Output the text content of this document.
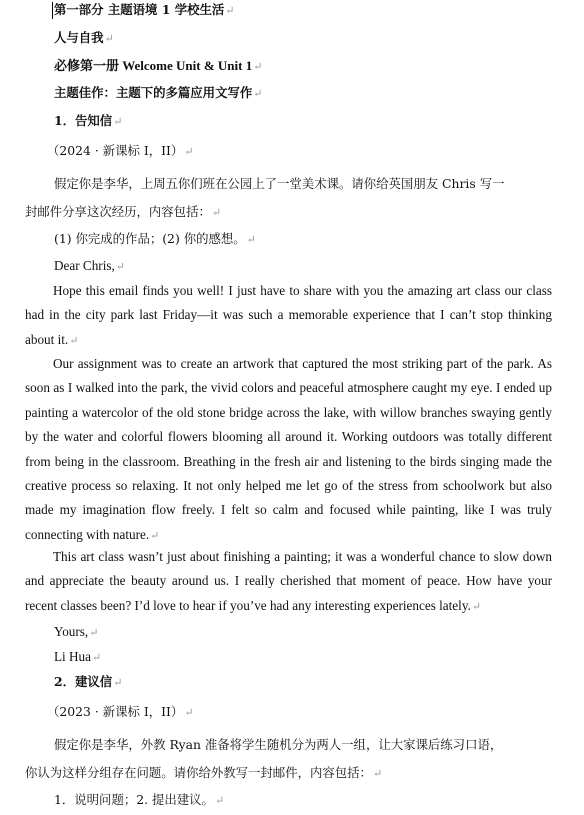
第一部分 主题语境 1 学校生活↵
人与自我↵
必修第一册 Welcome Unit & Unit 1↵
主题佳作：主题下的多篇应用文写作↵
1．告知信↵
（2024 · 新课标 I，II）↵
假定你是李华，上周五你们班在公园上了一堂美术课。请你给英国朋友 Chris 写一
封邮件分享这次经历，内容包括：↵
(1) 你完成的作品；(2) 你的感想。↵
Dear Chris,↵
Hope this email finds you well! I just have to share with you the amazing art class our class had in the city park last Friday—it was such a memorable experience that I can’t stop thinking about it.↵
Our assignment was to create an artwork that captured the most striking part of the park. As soon as I walked into the park, the vivid colors and peaceful atmosphere caught my eye. I ended up painting a watercolor of the old stone bridge across the lake, with willow branches swaying gently by the water and colorful flowers blooming all around it. Working outdoors was totally different from being in the classroom. Breathing in the fresh air and listening to the birds singing made the creative process so relaxing. It not only helped me let go of the stress from schoolwork but also made my imagination flow freely. I felt so calm and focused while painting, like I was truly connecting with nature.↵
This art class wasn’t just about finishing a painting; it was a wonderful chance to slow down and appreciate the beauty around us. I really cherished that moment of peace. How have your recent classes been? I’d love to hear if you’ve had any interesting experiences lately.↵
Yours,↵
Li Hua↵
2．建议信↵
（2023 · 新课标 I，II）↵
假定你是李华，外教 Ryan 准备将学生随机分为两人一组，让大家课后练习口语，
你认为这样分组存在问题。请你给外教写一封邮件，内容包括：↵
1．说明问题；2. 提出建议。↵
